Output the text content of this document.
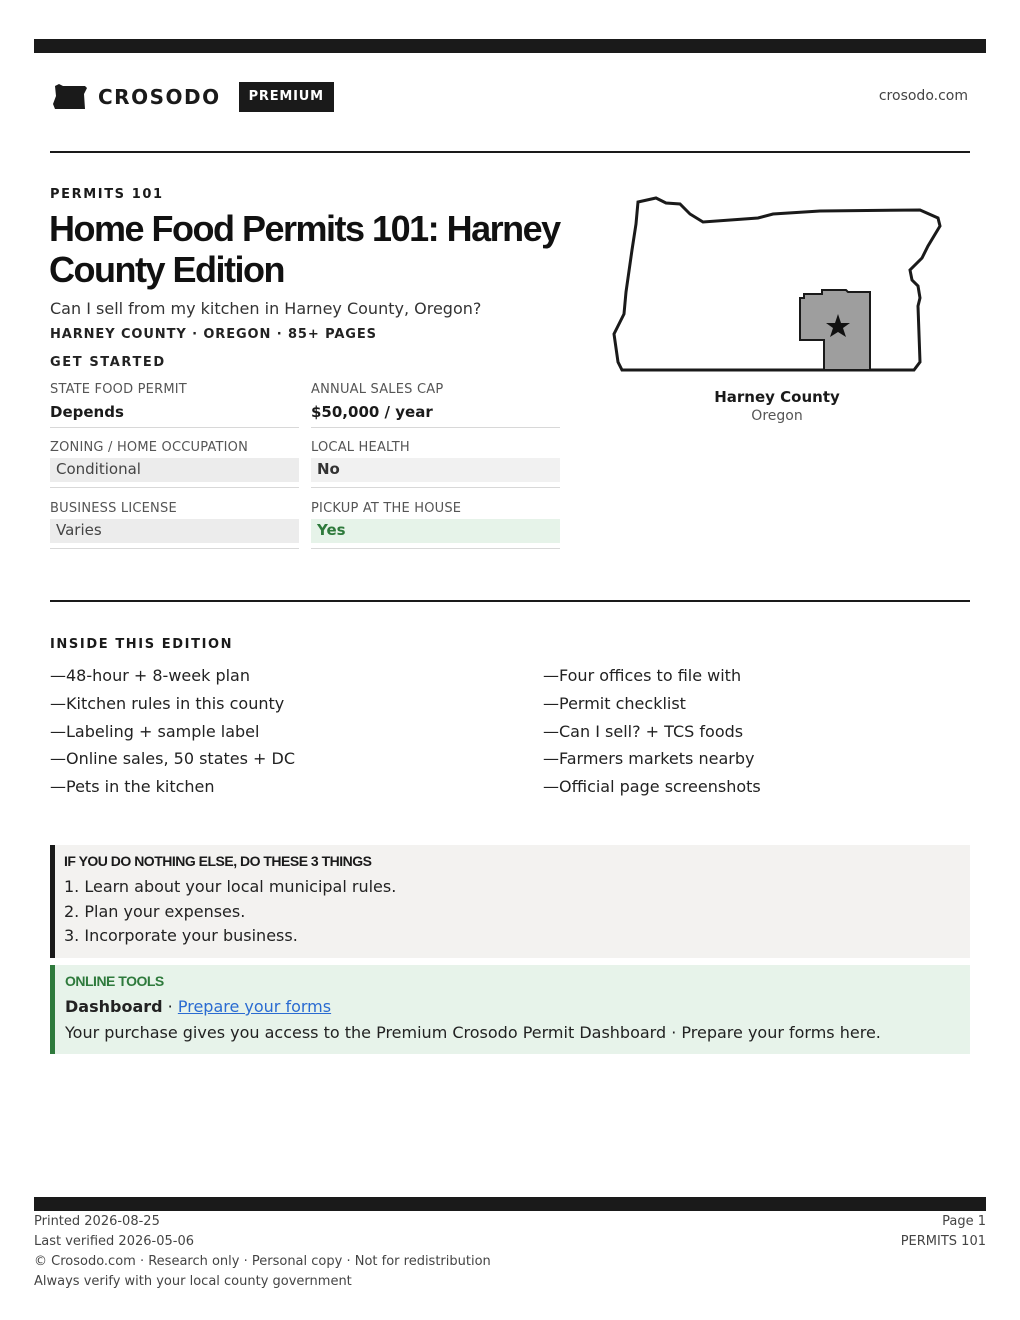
CROSODO	PREMIUM	crosodo.com
PERMITS 101
Home Food Permits 101: Harney County Edition
Can I sell from my kitchen in Harney County, Oregon?
HARNEY COUNTY · OREGON · 85+ PAGES
GET STARTED
STATE FOOD PERMIT
Depends
ANNUAL SALES CAP
$50,000 / year
ZONING / HOME OCCUPATION
Conditional
LOCAL HEALTH
No
BUSINESS LICENSE
Varies
PICKUP AT THE HOUSE
Yes
Harney County
Oregon
INSIDE THIS EDITION
—48-hour + 8-week plan
—Kitchen rules in this county
—Labeling + sample label
—Online sales, 50 states + DC
—Pets in the kitchen
—Four offices to file with
—Permit checklist
—Can I sell? + TCS foods
—Farmers markets nearby
—Official page screenshots
IF YOU DO NOTHING ELSE, DO THESE 3 THINGS
1. Learn about your local municipal rules.
2. Plan your expenses.
3. Incorporate your business.
ONLINE TOOLS
Dashboard · Prepare your forms
Your purchase gives you access to the Premium Crosodo Permit Dashboard · Prepare your forms here.
Printed 2026-08-25
Last verified 2026-05-06
© Crosodo.com · Research only · Personal copy · Not for redistribution
Always verify with your local county government
Page 1
PERMITS 101
